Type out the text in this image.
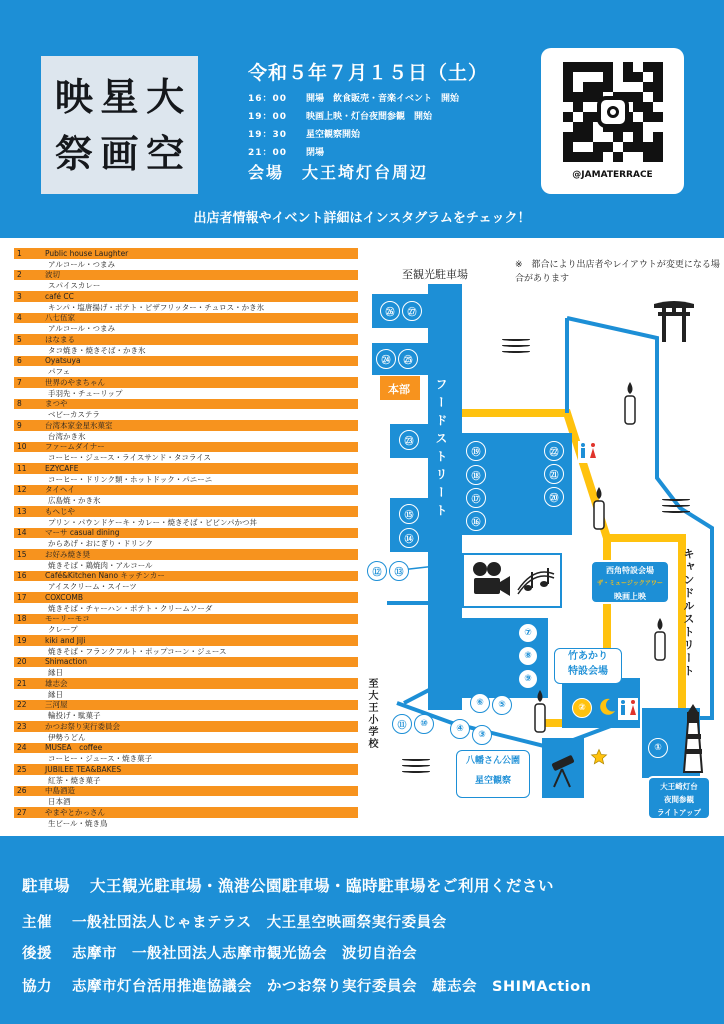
映 星 大
祭 画 空
令和５年７月１５日（土）
16：00	開場　飲食販売・音楽イベント　開始
19：00	映画上映・灯台夜間参観　開始
19：30	星空観察開始
21：00	閉場
会場　大王埼灯台周辺	@JAMATERRACE
出店者情報やイベント詳細はインスタグラムをチェック！
1	Public house Laughter
アルコール・つまみ
2	波切
スパイスカレー
3	café CC
キンパ・塩唐揚げ・ポテト・ピザフリッター・チュロス・かき氷
4	八七伍家
アルコール・つまみ
5	はなまる
タコ焼き・焼きそば・かき氷
6	Oyatsuya
パフェ
7	世界のやまちゃん
手羽先・チューリップ
8	まつや
ベビーカステラ
9	台湾本家金星氷菓室
台湾かき氷
10	ファームダイナー
コーヒー・ジュース・ライスサンド・タコライス
11	EZYCAFE
コーヒー・ドリンク類・ホットドック・パニーニ
12	タイヘイ
広島焼・かき氷
13	もへじや
プリン・パウンドケーキ・カレー・焼きそば・ビビンパかつ丼
14	マーサ casual dining
からあげ・おにぎり・ドリンク
15	お好み焼き奨
焼きそば・鶏焼肉・アルコール
16	Café&Kitchen Nano キッチンカー
アイスクリーム・スイーツ
17	COXCOMB
焼きそば・チャーハン・ポテト・クリームソーダ
18	モーリーモコ
クレープ
19	kiki and JiJi
焼きそば・フランクフルト・ポップコーン・ジュース
20	Shimaction
縁日
21	雄志会
縁日
22	三河屋
輪投げ・駄菓子
23	かつお祭り実行委員会
伊勢うどん
24	MUSEA　coffee
コーヒー・ジュース・焼き菓子
25	JUBILEE TEA&BAKES
紅茶・焼き菓子
26	中島酒造
日本酒
27	やまやとかっさん
生ビール・焼き鳥
フードストリート
本部
至観光駐車場
※　都合により出店者やレイアウトが変更になる場合があります
キャンドルストリート
至大王小学校
㉖	㉗
㉔	㉕
㉓
⑲
⑱
⑰
⑯
㉒
㉑
⑳
⑮
⑭
⑫	⑬
⑦
⑧
⑨
⑥	⑤
④
③
⑪	⑩
②
①
西角特設会場
ザ・ミュージックアワー
映画上映
竹あかり
特設会場
八幡さん公園
星空観察
大王崎灯台
夜間参観
ライトアップ
駐車場 大王観光駐車場・漁港公園駐車場・臨時駐車場をご利用ください
主催 一般社団法人じゃまテラス　大王星空映画祭実行委員会
後援 志摩市　一般社団法人志摩市観光協会　波切自治会
協力 志摩市灯台活用推進協議会　かつお祭り実行委員会　雄志会　SHIMAction
